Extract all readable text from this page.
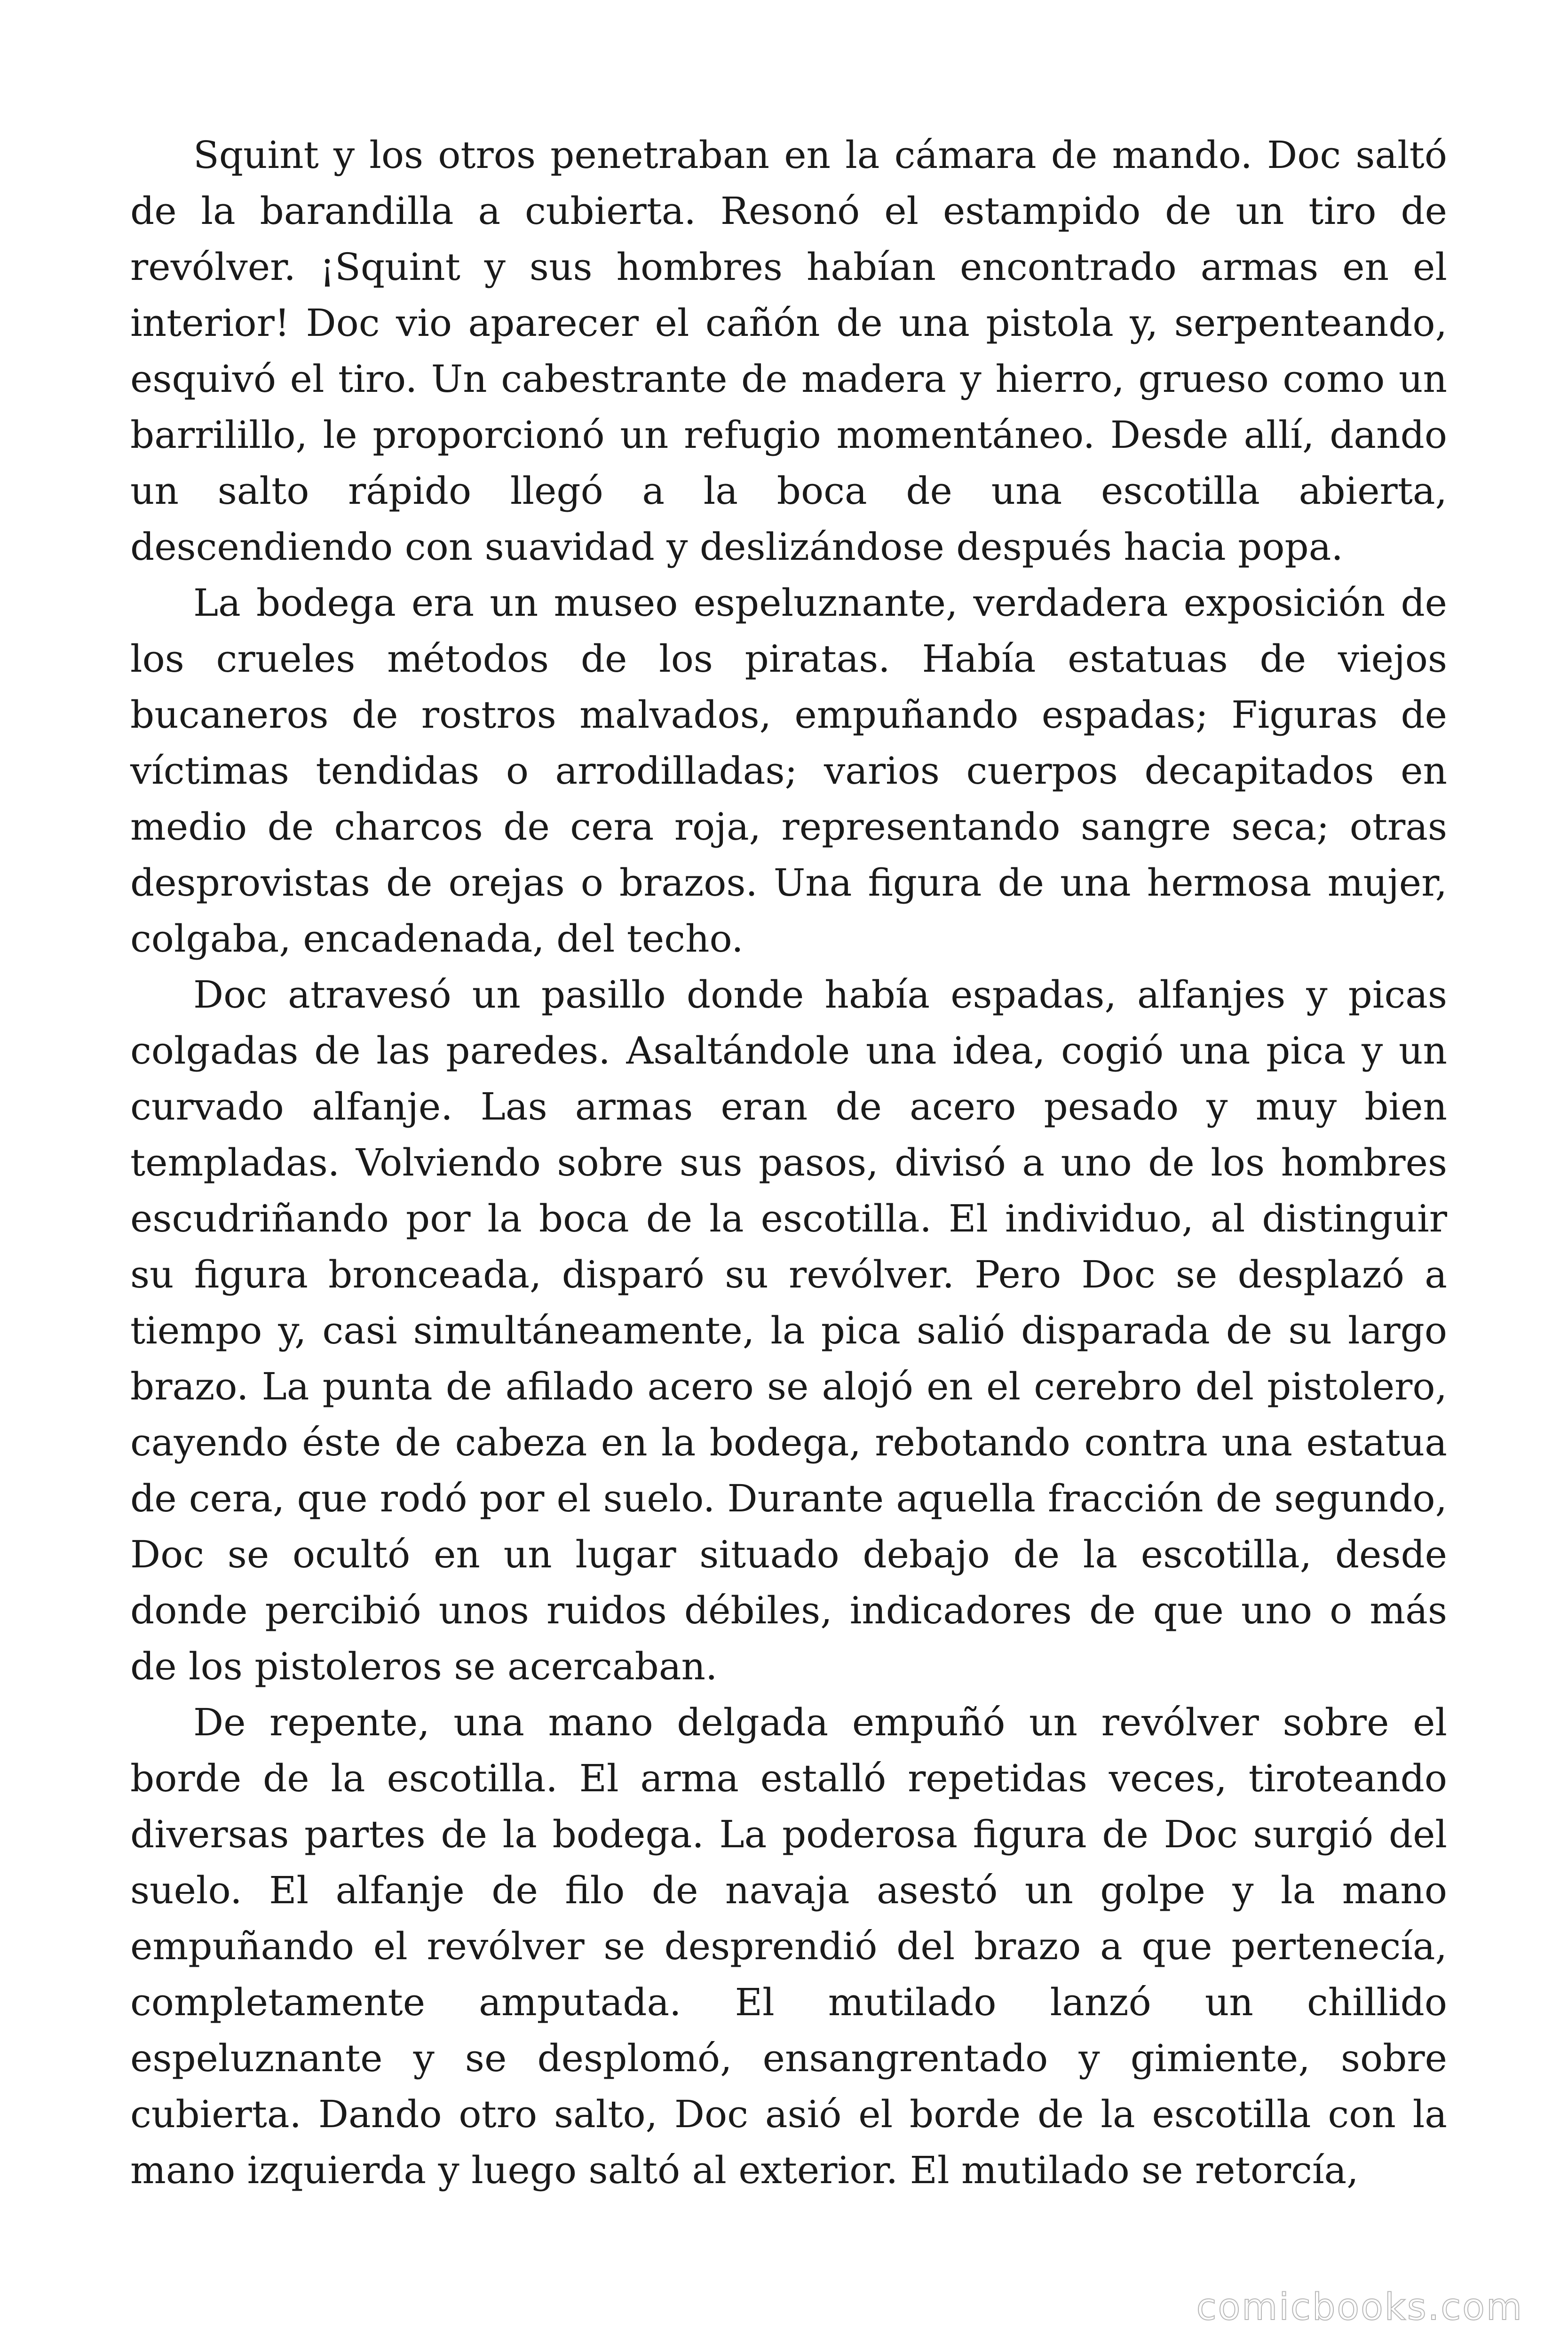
Squint y los otros penetraban en la cámara de mando. Doc saltó de la barandilla a cubierta. Resonó el estampido de un tiro de revólver. ¡Squint y sus hombres habían encontrado armas en el interior! Doc vio aparecer el cañón de una pistola y, serpenteando, esquivó el tiro. Un cabestrante de madera y hierro, grueso como un barrilillo, le proporcionó un refugio momentáneo. Desde allí, dando un salto rápido llegó a la boca de una escotilla abierta, descendiendo con suavidad y deslizándose después hacia popa.

La bodega era un museo espeluznante, verdadera exposición de los crueles métodos de los piratas. Había estatuas de viejos bucaneros de rostros malvados, empuñando espadas; Figuras de víctimas tendidas o arrodilladas; varios cuerpos decapitados en medio de charcos de cera roja, representando sangre seca; otras desprovistas de orejas o brazos. Una figura de una hermosa mujer, colgaba, encadenada, del techo.

Doc atravesó un pasillo donde había espadas, alfanjes y picas colgadas de las paredes. Asaltándole una idea, cogió una pica y un curvado alfanje. Las armas eran de acero pesado y muy bien templadas. Volviendo sobre sus pasos, divisó a uno de los hombres escudriñando por la boca de la escotilla. El individuo, al distinguir su figura bronceada, disparó su revólver. Pero Doc se desplazó a tiempo y, casi simultáneamente, la pica salió disparada de su largo brazo. La punta de afilado acero se alojó en el cerebro del pistolero, cayendo éste de cabeza en la bodega, rebotando contra una estatua de cera, que rodó por el suelo. Durante aquella fracción de segundo, Doc se ocultó en un lugar situado debajo de la escotilla, desde donde percibió unos ruidos débiles, indicadores de que uno o más de los pistoleros se acercaban.

De repente, una mano delgada empuñó un revólver sobre el borde de la escotilla. El arma estalló repetidas veces, tiroteando diversas partes de la bodega. La poderosa figura de Doc surgió del suelo. El alfanje de filo de navaja asestó un golpe y la mano empuñando el revólver se desprendió del brazo a que pertenecía, completamente amputada. El mutilado lanzó un chillido espeluznante y se desplomó, ensangrentado y gimiente, sobre cubierta. Dando otro salto, Doc asió el borde de la escotilla con la mano izquierda y luego saltó al exterior. El mutilado se retorcía,

comicbooks.com
